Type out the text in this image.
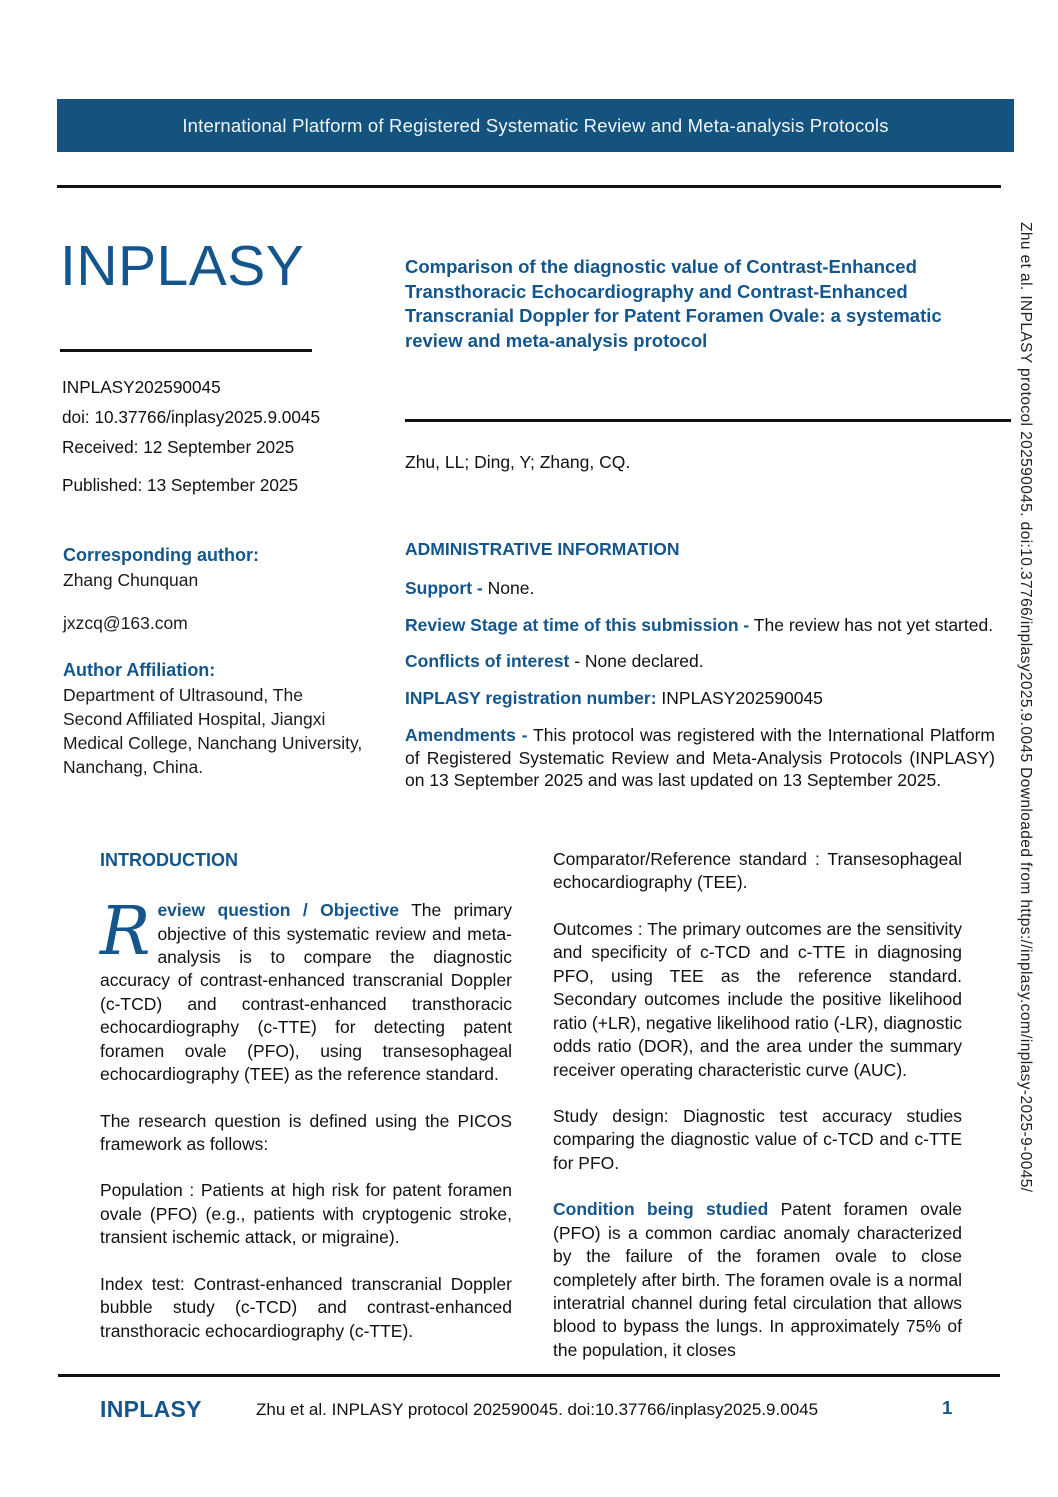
International Platform of Registered Systematic Review and Meta-analysis Protocols
INPLASY
INPLASY202590045
doi: 10.37766/inplasy2025.9.0045
Received: 12 September 2025
Published: 13 September 2025
Corresponding author:
Zhang Chunquan
jxzcq@163.com
Author Affiliation:
Department of Ultrasound, The Second Affiliated Hospital, Jiangxi Medical College, Nanchang University, Nanchang, China.
Comparison of the diagnostic value of Contrast-Enhanced Transthoracic Echocardiography and Contrast-Enhanced Transcranial Doppler for Patent Foramen Ovale: a systematic review and meta-analysis protocol
Zhu, LL; Ding, Y; Zhang, CQ.
ADMINISTRATIVE INFORMATION

Support - None.

Review Stage at time of this submission - The review has not yet started.

Conflicts of interest - None declared.

INPLASY registration number: INPLASY202590045

Amendments - This protocol was registered with the International Platform of Registered Systematic Review and Meta-Analysis Protocols (INPLASY) on 13 September 2025 and was last updated on 13 September 2025.

INTRODUCTION

Review question / Objective The primary objective of this systematic review and meta-analysis is to compare the diagnostic accuracy of contrast-enhanced transcranial Doppler (c-TCD) and contrast-enhanced transthoracic echocardiography (c-TTE) for detecting patent foramen ovale (PFO), using transesophageal echocardiography (TEE) as the reference standard.

The research question is defined using the PICOS framework as follows:

Population : Patients at high risk for patent foramen ovale (PFO) (e.g., patients with cryptogenic stroke, transient ischemic attack, or migraine).

Index test: Contrast-enhanced transcranial Doppler bubble study (c-TCD) and contrast-enhanced transthoracic echocardiography (c-TTE).

Comparator/Reference standard : Transesophageal echocardiography (TEE).

Outcomes : The primary outcomes are the sensitivity and specificity of c-TCD and c-TTE in diagnosing PFO, using TEE as the reference standard. Secondary outcomes include the positive likelihood ratio (+LR), negative likelihood ratio (-LR), diagnostic odds ratio (DOR), and the area under the summary receiver operating characteristic curve (AUC).

Study design: Diagnostic test accuracy studies comparing the diagnostic value of c-TCD and c-TTE for PFO.

Condition being studied Patent foramen ovale (PFO) is a common cardiac anomaly characterized by the failure of the foramen ovale to close completely after birth. The foramen ovale is a normal interatrial channel during fetal circulation that allows blood to bypass the lungs. In approximately 75% of the population, it closes

INPLASY	Zhu et al. INPLASY protocol 202590045. doi:10.37766/inplasy2025.9.0045	1
Zhu et al. INPLASY protocol 202590045. doi:10.37766/inplasy2025.9.0045 Downloaded from https://inplasy.com/inplasy-2025-9-0045/
